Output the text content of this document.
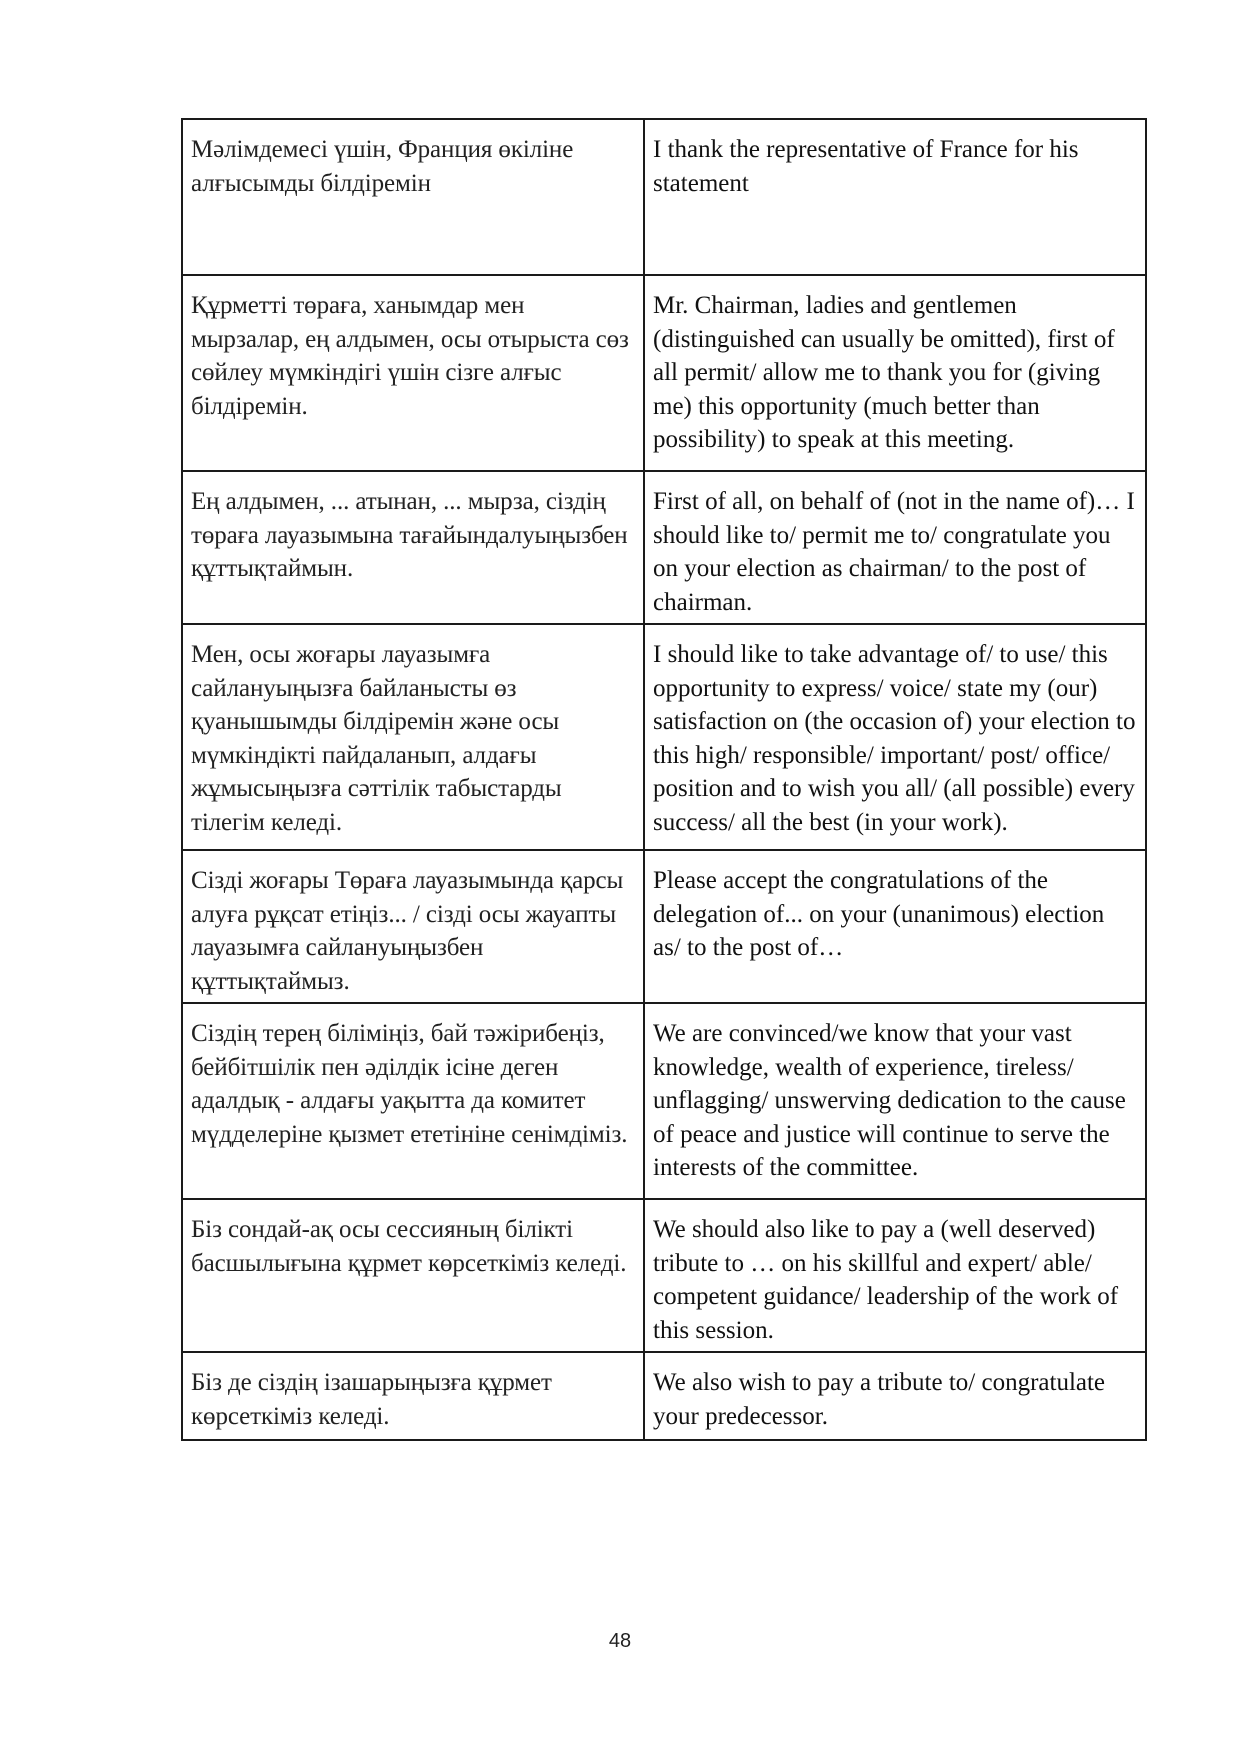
Мәлімдемесі үшін, Франция өкіліне алғысымды білдіремін	I thank the representative of France for his statement
Құрметті төраға, ханымдар мен мырзалар, ең алдымен, осы отырыста сөз сөйлеу мүмкіндігі үшін сізге алғыс білдіремін.	Mr. Chairman, ladies and gentlemen (distinguished can usually be omitted), first of all permit/ allow me to thank you for (giving me) this opportunity (much better than possibility) to speak at this meeting.
Ең алдымен, ... атынан, ... мырза, сіздің төраға лауазымына тағайындалуыңызбен құттықтаймын.	First of all, on behalf of (not in the name of)… I should like to/ permit me to/ congratulate you on your election as chairman/ to the post of chairman.
Мен, осы жоғары лауазымға сайлануыңызға байланысты өз қуанышымды білдіремін және осы мүмкіндікті пайдаланып, алдағы жұмысыңызға сәттілік табыстарды тілегім келеді.	I should like to take advantage of/ to use/ this opportunity to express/ voice/ state my (our) satisfaction on (the occasion of) your election to this high/ responsible/ important/ post/ office/ position and to wish you all/ (all possible) every success/ all the best (in your work).
Сізді жоғары Төраға лауазымында қарсы алуға рұқсат етіңіз... / сізді осы жауапты лауазымға сайлануыңызбен құттықтаймыз.	Please accept the congratulations of the delegation of... on your (unanimous) election as/ to the post of…
Сіздің терең біліміңіз, бай тәжірибеңіз, бейбітшілік пен әділдік ісіне деген адалдық - алдағы уақытта да комитет мүдделеріне қызмет ететініне сенімдіміз.	We are convinced/we know that your vast knowledge, wealth of experience, tireless/ unflagging/ unswerving dedication to the cause of peace and justice will continue to serve the interests of the committee.
Біз сондай-ақ осы сессияның білікті басшылығына құрмет көрсеткіміз келеді.	We should also like to pay a (well deserved) tribute to … on his skillful and expert/ able/ competent guidance/ leadership of the work of this session.
Біз де сіздің ізашарыңызға құрмет көрсеткіміз келеді.	We also wish to pay a tribute to/ congratulate your predecessor.
48
